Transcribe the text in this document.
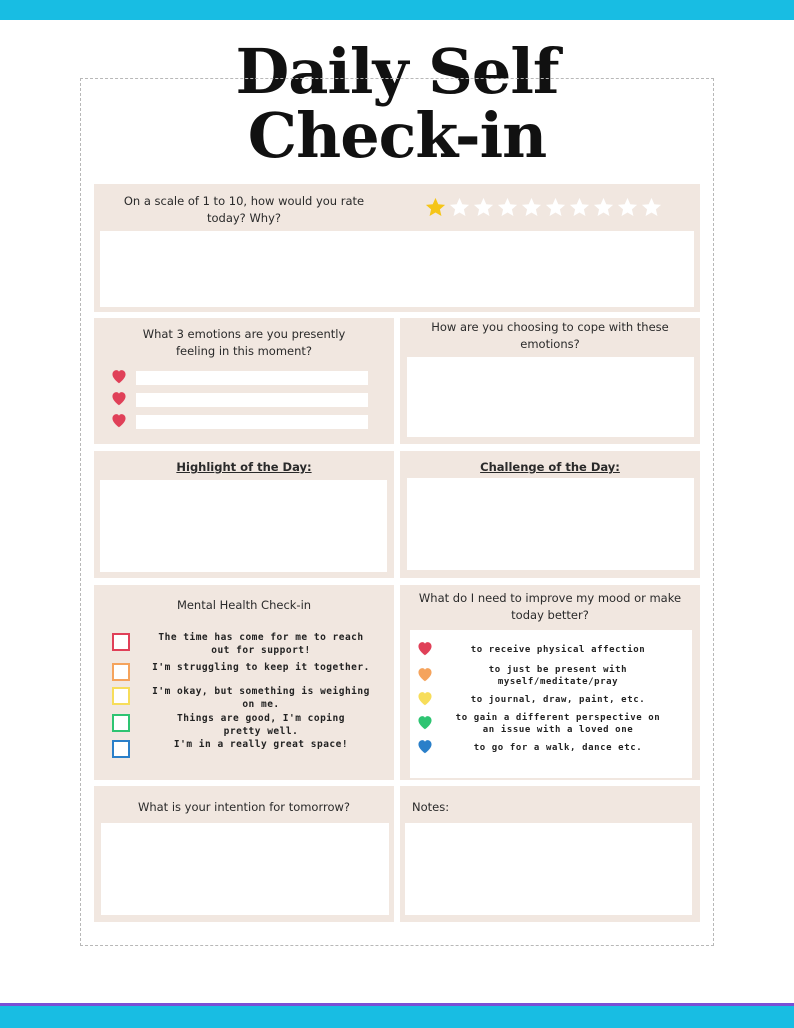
Daily Self
Check-in
On a scale of 1 to 10, how would you rate
today? Why?
What 3 emotions are you presently
feeling in this moment?
How are you choosing to cope with these
emotions?
Highlight of the Day:	Challenge of the Day:
Mental Health Check-in
The time has come for me to reach
out for support!
I'm struggling to keep it together.
I'm okay, but something is weighing
on me.
Things are good, I'm coping
pretty well.
I'm in a really great space!
What do I need to improve my mood or make
today better?
to receive physical affection
to just be present with
myself/meditate/pray
to journal, draw, paint, etc.
to gain a different perspective on
an issue with a loved one
to go for a walk, dance etc.
What is your intention for tomorrow?	Notes:
